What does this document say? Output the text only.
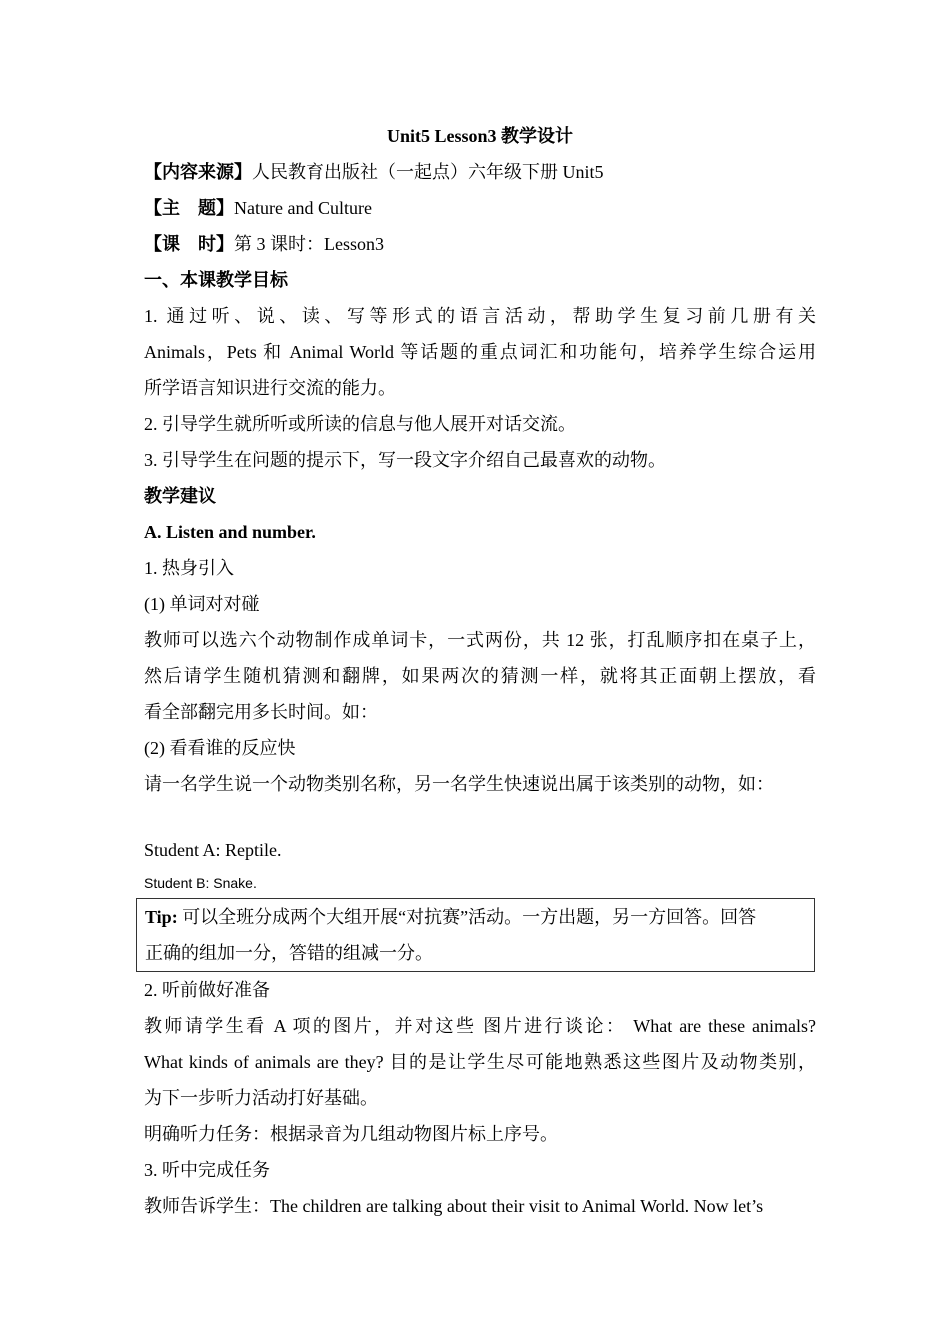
Unit5 Lesson3 教学设计
【内容来源】人民教育出版社（一起点）六年级下册 Unit5
【主　题】Nature and Culture
【课　时】第 3 课时：Lesson3
一、本课教学目标
1. 通过听、说、读、写等形式的语言活动，帮助学生复习前几册有关
Animals，Pets 和 Animal World 等话题的重点词汇和功能句，培养学生综合运用
所学语言知识进行交流的能力。
2. 引导学生就所听或所读的信息与他人展开对话交流。
3. 引导学生在问题的提示下，写一段文字介绍自己最喜欢的动物。
教学建议
A. Listen and number.
1. 热身引入
(1) 单词对对碰
教师可以选六个动物制作成单词卡，一式两份，共 12 张，打乱顺序扣在桌子上，
然后请学生随机猜测和翻牌，如果两次的猜测一样，就将其正面朝上摆放，看
看全部翻完用多长时间。如：
(2) 看看谁的反应快
请一名学生说一个动物类别名称，另一名学生快速说出属于该类别的动物，如：
Student A: Reptile.
Student B: Snake.
Tip: 可以全班分成两个大组开展“对抗赛”活动。一方出题，另一方回答。回答
正确的组加一分，答错的组减一分。
2. 听前做好准备
教师请学生看 A 项的图片，并对这些 图片进行谈论： What are these animals?
What kinds of animals are they? 目的是让学生尽可能地熟悉这些图片及动物类别，
为下一步听力活动打好基础。
明确听力任务：根据录音为几组动物图片标上序号。
3. 听中完成任务
教师告诉学生：The children are talking about their visit to Animal World. Now let’s
